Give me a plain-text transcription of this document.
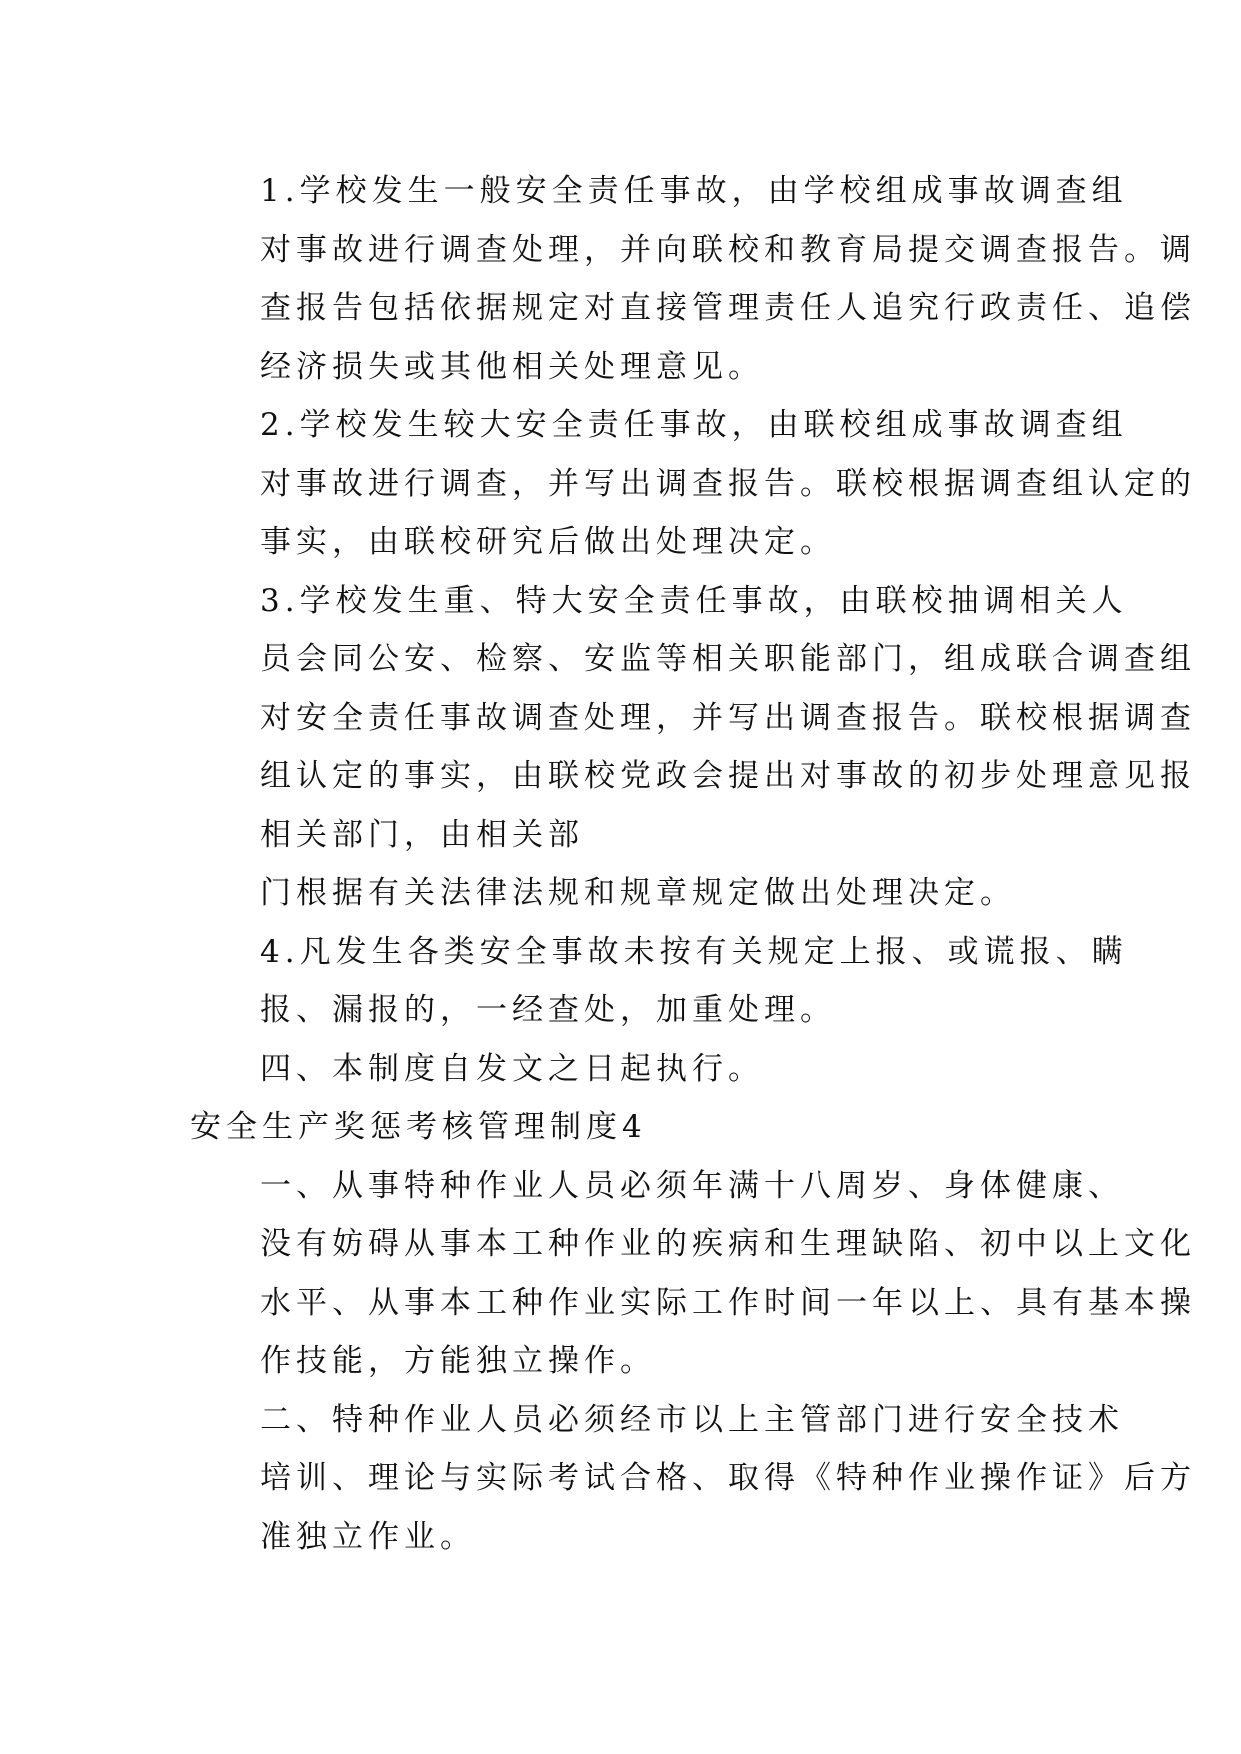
1.学校发生一般安全责任事故，由学校组成事故调查组
对事故进行调查处理，并向联校和教育局提交调查报告。调
查报告包括依据规定对直接管理责任人追究行政责任、追偿
经济损失或其他相关处理意见。

2.学校发生较大安全责任事故，由联校组成事故调查组
对事故进行调查，并写出调查报告。联校根据调查组认定的
事实，由联校研究后做出处理决定。

3.学校发生重、特大安全责任事故，由联校抽调相关人
员会同公安、检察、安监等相关职能部门，组成联合调查组
对安全责任事故调查处理，并写出调查报告。联校根据调查
组认定的事实，由联校党政会提出对事故的初步处理意见报
相关部门，由相关部

门根据有关法律法规和规章规定做出处理决定。

4.凡发生各类安全事故未按有关规定上报、或谎报、瞒
报、漏报的，一经查处，加重处理。

四、本制度自发文之日起执行。

安全生产奖惩考核管理制度4

一、从事特种作业人员必须年满十八周岁、身体健康、
没有妨碍从事本工种作业的疾病和生理缺陷、初中以上文化
水平、从事本工种作业实际工作时间一年以上、具有基本操
作技能，方能独立操作。

二、特种作业人员必须经市以上主管部门进行安全技术
培训、理论与实际考试合格、取得《特种作业操作证》后方
准独立作业。
